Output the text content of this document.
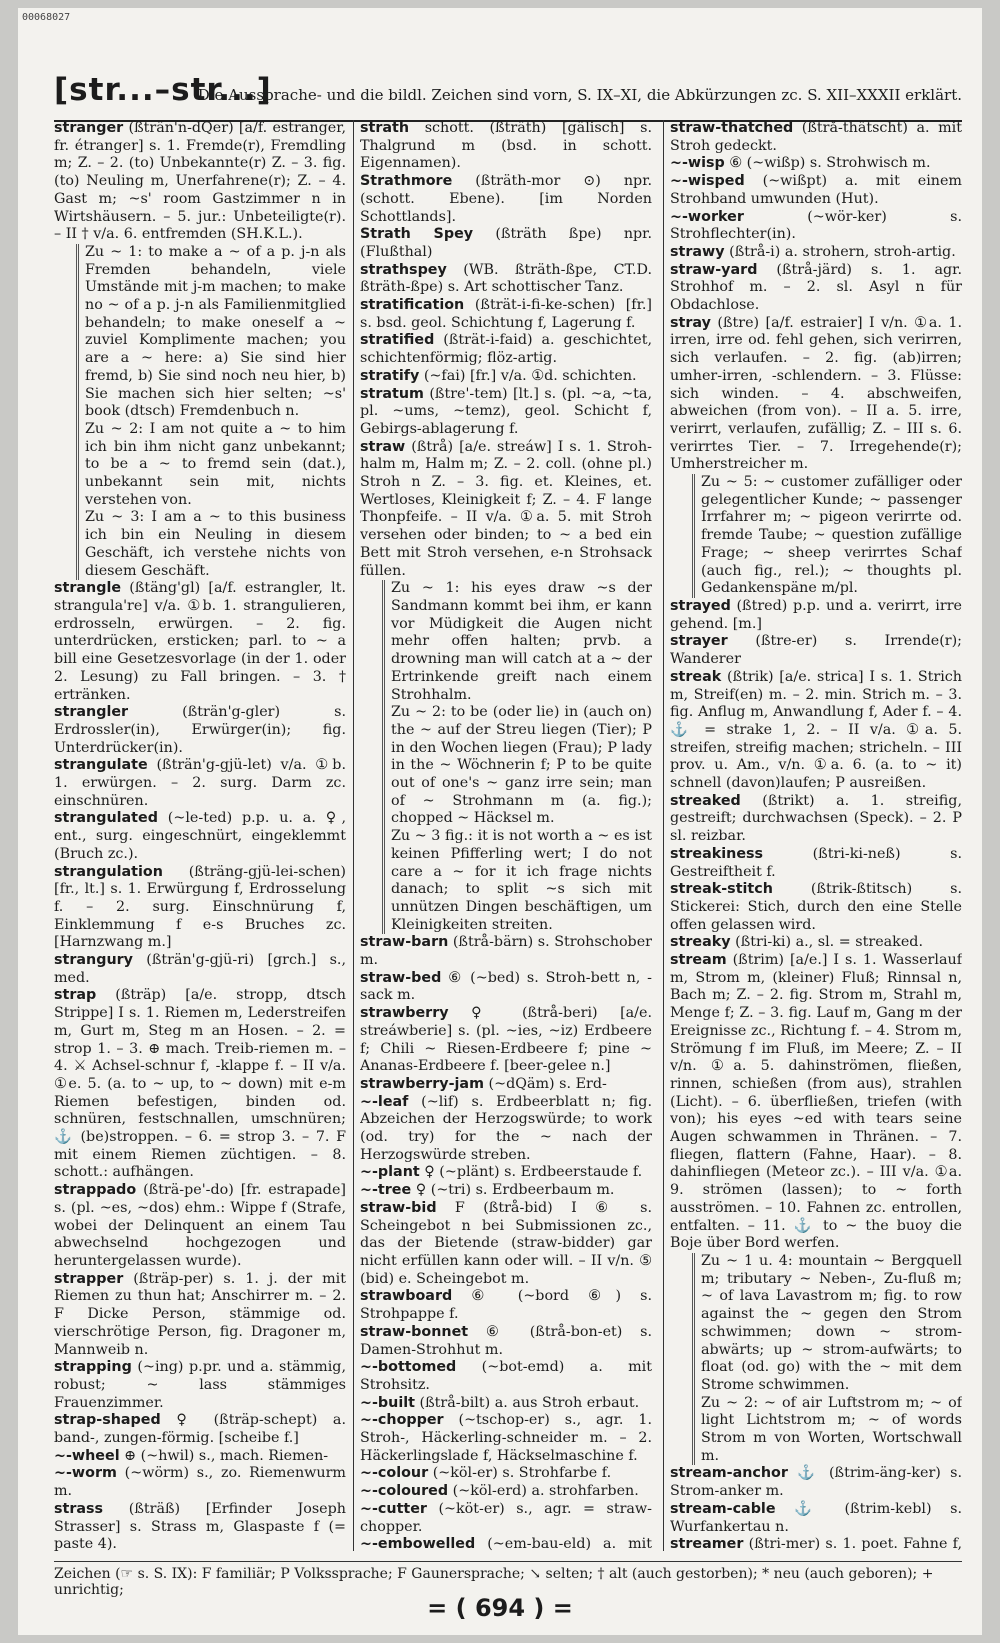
00068027
[str...–str...]
Die Aussprache- und die bildl. Zeichen sind vorn, S. IX–XI, die Abkürzungen zc. S. XII–XXXII erklärt.

stranger (ßträn'n-dQer) [a/f. estranger, fr. étranger] s. 1. Fremde(r), Fremdling m; Z. – 2. (to) Unbekannte(r) Z. – 3. fig. (to) Neuling m, Unerfahrene(r); Z. – 4. Gast m; ~s' room Gastzimmer n in Wirtshäusern. – 5. jur.: Unbeteiligte(r). – II † v/a. 6. entfremden (SH.K.L.).

Zu ~ 1: to make a ~ of a p. j-n als Fremden behandeln, viele Umstände mit j-m machen; to make no ~ of a p. j-n als Familienmitglied behandeln; to make oneself a ~ zuviel Komplimente machen; you are a ~ here: a) Sie sind hier fremd, b) Sie sind noch neu hier, b) Sie machen sich hier selten; ~s' book (dtsch) Fremdenbuch n.

Zu ~ 2: I am not quite a ~ to him ich bin ihm nicht ganz unbekannt; to be a ~ to fremd sein (dat.), unbekannt sein mit, nichts verstehen von.

Zu ~ 3: I am a ~ to this business ich bin ein Neuling in diesem Geschäft, ich verstehe nichts von diesem Geschäft.

strangle (ßtäng'gl) [a/f. estrangler, lt. strangula're] v/a. ①b. 1. strangulieren, erdrosseln, erwürgen. – 2. fig. unterdrücken, ersticken; parl. to ~ a bill eine Gesetzesvorlage (in der 1. oder 2. Lesung) zu Fall bringen. – 3. † ertränken.

strangler (ßträn'g-gler) s. Erdrossler(in), Erwürger(in); fig. Unterdrücker(in).

strangulate (ßträn'g-gjü-let) v/a. ①b. 1. erwürgen. – 2. surg. Darm zc. einschnüren.

strangulated (~le-ted) p.p. u. a. ♀, ent., surg. eingeschnürt, eingeklemmt (Bruch zc.).

strangulation (ßträng-gjü-lei-schen) [fr., lt.] s. 1. Erwürgung f, Erdrosselung f. – 2. surg. Einschnürung f, Einklemmung f e-s Bruches zc. [Harnzwang m.]

strangury (ßträn'g-gjü-ri) [grch.] s., med.

strap (ßträp) [a/e. stropp, dtsch Strippe] I s. 1. Riemen m, Lederstreifen m, Gurt m, Steg m an Hosen. – 2. = strop 1. – 3. ⊕ mach. Treib-riemen m. – 4. ⚔ Achsel-schnur f, -klappe f. – II v/a. ①e. 5. (a. to ~ up, to ~ down) mit e-m Riemen befestigen, binden od. schnüren, festschnallen, umschnüren; ⚓ (be)stroppen. – 6. = strop 3. – 7. F mit einem Riemen züchtigen. – 8. schott.: aufhängen.

strappado (ßträ-pe'-do) [fr. estrapade] s. (pl. ~es, ~dos) ehm.: Wippe f (Strafe, wobei der Delinquent an einem Tau abwechselnd hochgezogen und heruntergelassen wurde).

strapper (ßträp-per) s. 1. j. der mit Riemen zu thun hat; Anschirrer m. – 2. F Dicke Person, stämmige od. vierschrötige Person, fig. Dragoner m, Mannweib n.

strapping (~ing) p.pr. und a. stämmig, robust; ~ lass stämmiges Frauenzimmer.

strap-shaped ♀ (ßträp-schept) a. band-, zungen-förmig. [scheibe f.]

~-wheel ⊕ (~hwil) s., mach. Riemen-

~-worm (~wörm) s., zo. Riemenwurm m.

strass (ßträß) [Erfinder Joseph Strasser] s. Strass m, Glaspaste f (= paste 4).

strath schott. (ßträth) [gälisch] s. Thalgrund m (bsd. in schott. Eigennamen).

Strathmore (ßträth-mor ⊙) npr. (schott. Ebene). [im Norden Schottlands].

Strath Spey (ßträth ßpe) npr. (Flußthal)

strathspey (WB. ßträth-ßpe, CT.D. ßträth-ßpe) s. Art schottischer Tanz.

stratification (ßträt-i-fi-ke-schen) [fr.] s. bsd. geol. Schichtung f, Lagerung f.

stratified (ßträt-i-faid) a. geschichtet, schichtenförmig; flöz-artig.

stratify (~fai) [fr.] v/a. ①d. schichten.

stratum (ßtre'-tem) [lt.] s. (pl. ~a, ~ta, pl. ~ums, ~temz), geol. Schicht f, Gebirgs-ablagerung f.

straw (ßtrå) [a/e. streáw] I s. 1. Stroh-halm m, Halm m; Z. – 2. coll. (ohne pl.) Stroh n Z. – 3. fig. et. Kleines, et. Wertloses, Kleinigkeit f; Z. – 4. F lange Thonpfeife. – II v/a. ①a. 5. mit Stroh versehen oder binden; to ~ a bed ein Bett mit Stroh versehen, e-n Strohsack füllen.

Zu ~ 1: his eyes draw ~s der Sandmann kommt bei ihm, er kann vor Müdigkeit die Augen nicht mehr offen halten; prvb. a drowning man will catch at a ~ der Ertrinkende greift nach einem Strohhalm.

Zu ~ 2: to be (oder lie) in (auch on) the ~ auf der Streu liegen (Tier); P in den Wochen liegen (Frau); P lady in the ~ Wöchnerin f; P to be quite out of one's ~ ganz irre sein; man of ~ Strohmann m (a. fig.); chopped ~ Häcksel m.

Zu ~ 3 fig.: it is not worth a ~ es ist keinen Pfifferling wert; I do not care a ~ for it ich frage nichts danach; to split ~s sich mit unnützen Dingen beschäftigen, um Kleinigkeiten streiten.

straw-barn (ßtrå-bärn) s. Strohschober m.

straw-bed ⑥ (~bed) s. Stroh-bett n, -sack m.

strawberry ♀ (ßtrå-beri) [a/e. streáwberie] s. (pl. ~ies, ~iz) Erdbeere f; Chili ~ Riesen-Erdbeere f; pine ~ Ananas-Erdbeere f. [beer-gelee n.]

strawberry-jam (~dQäm) s. Erd-

~-leaf (~lif) s. Erdbeerblatt n; fig. Abzeichen der Herzogswürde; to work (od. try) for the ~ nach der Herzogswürde streben.

~-plant ♀ (~plänt) s. Erdbeerstaude f.

~-tree ♀ (~tri) s. Erdbeerbaum m.

straw-bid F (ßtrå-bid) I ⑥ s. Scheingebot n bei Submissionen zc., das der Bietende (straw-bidder) gar nicht erfüllen kann oder will. – II v/n. ⑤ (bid) e. Scheingebot m.

strawboard ⑥ (~bord ⑥) s. Strohpappe f.

straw-bonnet ⑥ (ßtrå-bon-et) s. Damen-Strohhut m.

~-bottomed (~bot-emd) a. mit Strohsitz.

~-built (ßtrå-bilt) a. aus Stroh erbaut.

~-chopper (~tschop-er) s., agr. 1. Stroh-, Häckerling-schneider m. – 2. Häckerlingslade f, Häckselmaschine f.

~-colour (~köl-er) s. Strohfarbe f.

~-coloured (~köl-erd) a. strohfarben.

~-cutter (~köt-er) s., agr. = straw-chopper.

~-embowelled (~em-bau-eld) a. mit

straw-thatched (ßtrå-thätscht) a. mit Stroh gedeckt.

~-wisp ⑥ (~wißp) s. Strohwisch m.

~-wisped (~wißpt) a. mit einem Strohband umwunden (Hut).

~-worker (~wör-ker) s. Strohflechter(in).

strawy (ßtrå-i) a. strohern, stroh-artig.

straw-yard (ßtrå-järd) s. 1. agr. Strohhof m. – 2. sl. Asyl n für Obdachlose.

stray (ßtre) [a/f. estraier] I v/n. ①a. 1. irren, irre od. fehl gehen, sich verirren, sich verlaufen. – 2. fig. (ab)irren; umher-irren, -schlendern. – 3. Flüsse: sich winden. – 4. abschweifen, abweichen (from von). – II a. 5. irre, verirrt, verlaufen, zufällig; Z. – III s. 6. verirrtes Tier. – 7. Irregehende(r); Umherstreicher m.

Zu ~ 5: ~ customer zufälliger oder gelegentlicher Kunde; ~ passenger Irrfahrer m; ~ pigeon verirrte od. fremde Taube; ~ question zufällige Frage; ~ sheep verirrtes Schaf (auch fig., rel.); ~ thoughts pl. Gedankenspäne m/pl.

strayed (ßtred) p.p. und a. verirrt, irre gehend. [m.]

strayer (ßtre-er) s. Irrende(r); Wanderer

streak (ßtrik) [a/e. strica] I s. 1. Strich m, Streif(en) m. – 2. min. Strich m. – 3. fig. Anflug m, Anwandlung f, Ader f. – 4. ⚓ = strake 1, 2. – II v/a. ①a. 5. streifen, streifig machen; stricheln. – III prov. u. Am., v/n. ①a. 6. (a. to ~ it) schnell (davon)laufen; P ausreißen.

streaked (ßtrikt) a. 1. streifig, gestreift; durchwachsen (Speck). – 2. P sl. reizbar.

streakiness (ßtri-ki-neß) s. Gestreiftheit f.

streak-stitch (ßtrik-ßtitsch) s. Stickerei: Stich, durch den eine Stelle offen gelassen wird.

streaky (ßtri-ki) a., sl. = streaked.

stream (ßtrim) [a/e.] I s. 1. Wasserlauf m, Strom m, (kleiner) Fluß; Rinnsal n, Bach m; Z. – 2. fig. Strom m, Strahl m, Menge f; Z. – 3. fig. Lauf m, Gang m der Ereignisse zc., Richtung f. – 4. Strom m, Strömung f im Fluß, im Meere; Z. – II v/n. ①a. 5. dahinströmen, fließen, rinnen, schießen (from aus), strahlen (Licht). – 6. überfließen, triefen (with von); his eyes ~ed with tears seine Augen schwammen in Thränen. – 7. fliegen, flattern (Fahne, Haar). – 8. dahinfliegen (Meteor zc.). – III v/a. ①a. 9. strömen (lassen); to ~ forth ausströmen. – 10. Fahnen zc. entrollen, entfalten. – 11. ⚓ to ~ the buoy die Boje über Bord werfen.

Zu ~ 1 u. 4: mountain ~ Bergquell m; tributary ~ Neben-, Zu-fluß m; ~ of lava Lavastrom m; fig. to row against the ~ gegen den Strom schwimmen; down ~ strom-abwärts; up ~ strom-aufwärts; to float (od. go) with the ~ mit dem Strome schwimmen.

Zu ~ 2: ~ of air Luftstrom m; ~ of light Lichtstrom m; ~ of words Strom m von Worten, Wortschwall m.

stream-anchor ⚓ (ßtrim-äng-ker) s. Strom-anker m.

stream-cable ⚓ (ßtrim-kebl) s. Wurfankertau n.

streamer (ßtri-mer) s. 1. poet. Fahne f,

Zeichen (☞ s. S. IX): F familiär; P Volkssprache; F Gaunersprache; ↘ selten; † alt (auch gestorben); * neu (auch geboren); + unrichtig;
= ( 694 ) =
